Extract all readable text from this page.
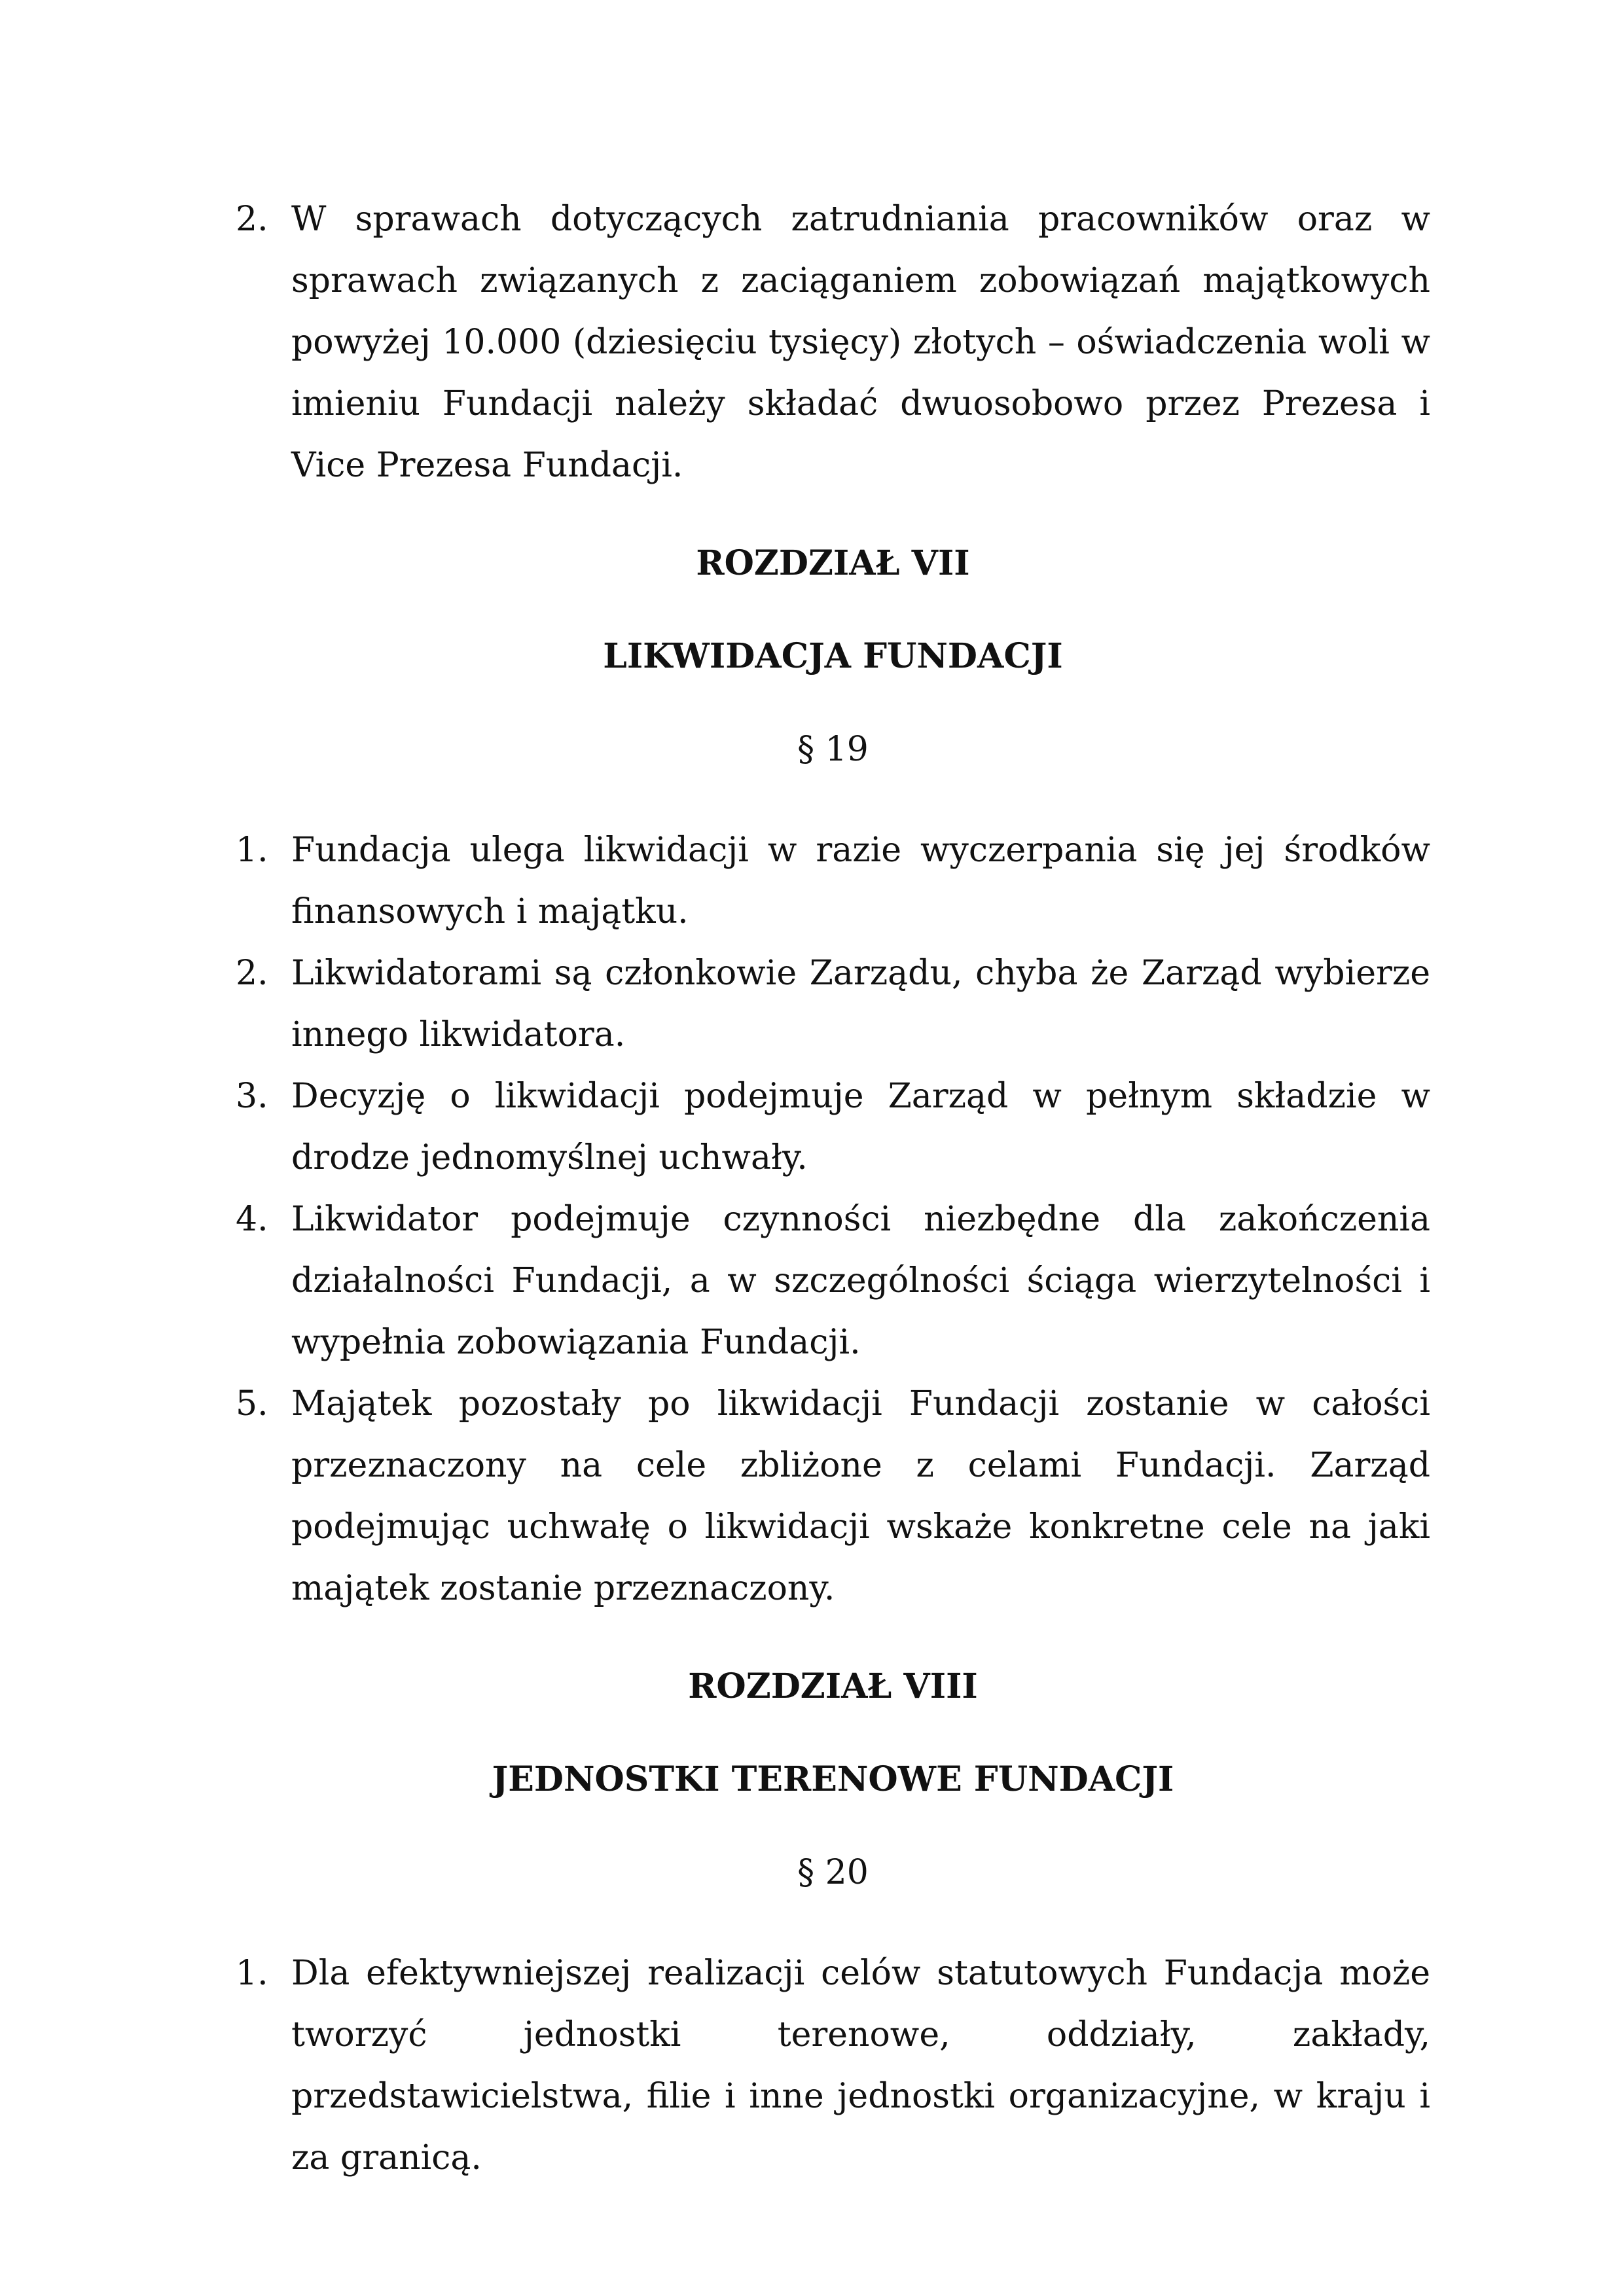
2. W sprawach dotyczących zatrudniania pracowników oraz w sprawach związanych z zaciąganiem zobowiązań majątkowych powyżej 10.000 (dziesięciu tysięcy) złotych – oświadczenia woli w imieniu Fundacji należy składać dwuosobowo przez Prezesa i Vice Prezesa Fundacji.

ROZDZIAŁ VII

LIKWIDACJA FUNDACJI

§ 19

1. Fundacja ulega likwidacji w razie wyczerpania się jej środków finansowych i majątku.
2. Likwidatorami są członkowie Zarządu, chyba że Zarząd wybierze innego likwidatora.
3. Decyzję o likwidacji podejmuje Zarząd w pełnym składzie w drodze jednomyślnej uchwały.
4. Likwidator podejmuje czynności niezbędne dla zakończenia działalności Fundacji, a w szczególności ściąga wierzytelności i wypełnia zobowiązania Fundacji.
5. Majątek pozostały po likwidacji Fundacji zostanie w całości przeznaczony na cele zbliżone z celami Fundacji. Zarząd podejmując uchwałę o likwidacji wskaże konkretne cele na jaki majątek zostanie przeznaczony.

ROZDZIAŁ VIII

JEDNOSTKI TERENOWE FUNDACJI

§ 20

1. Dla efektywniejszej realizacji celów statutowych Fundacja może tworzyć jednostki terenowe, oddziały, zakłady, przedstawicielstwa, filie i inne jednostki organizacyjne, w kraju i za granicą.
